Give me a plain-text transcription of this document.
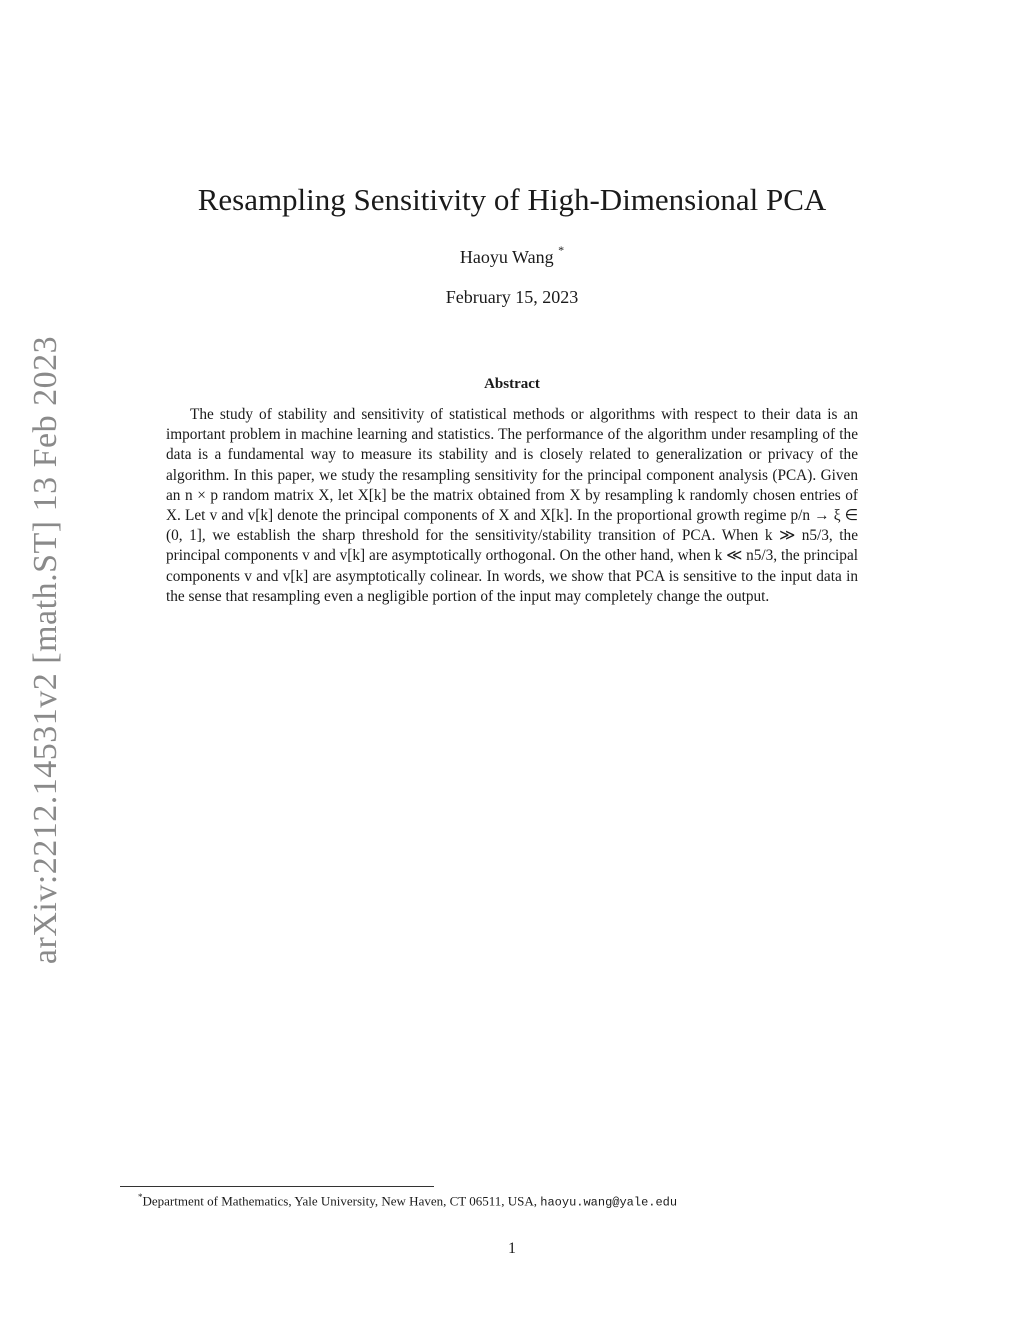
arXiv:2212.14531v2 [math.ST] 13 Feb 2023
Resampling Sensitivity of High-Dimensional PCA
Haoyu Wang *
February 15, 2023
Abstract

The study of stability and sensitivity of statistical methods or algorithms with respect to their data is an important problem in machine learning and statistics. The performance of the algorithm under resampling of the data is a fundamental way to measure its stability and is closely related to generalization or privacy of the algorithm. In this paper, we study the resampling sensitivity for the principal component analysis (PCA). Given an n × p random matrix X, let X[k] be the matrix obtained from X by resampling k randomly chosen entries of X. Let v and v[k] denote the principal components of X and X[k]. In the proportional growth regime p/n → ξ ∈ (0, 1], we establish the sharp threshold for the sensitivity/stability transition of PCA. When k ≫ n5/3, the principal components v and v[k] are asymptotically orthogonal. On the other hand, when k ≪ n5/3, the principal components v and v[k] are asymptotically colinear. In words, we show that PCA is sensitive to the input data in the sense that resampling even a negligible portion of the input may completely change the output.

*Department of Mathematics, Yale University, New Haven, CT 06511, USA, haoyu.wang@yale.edu
1
